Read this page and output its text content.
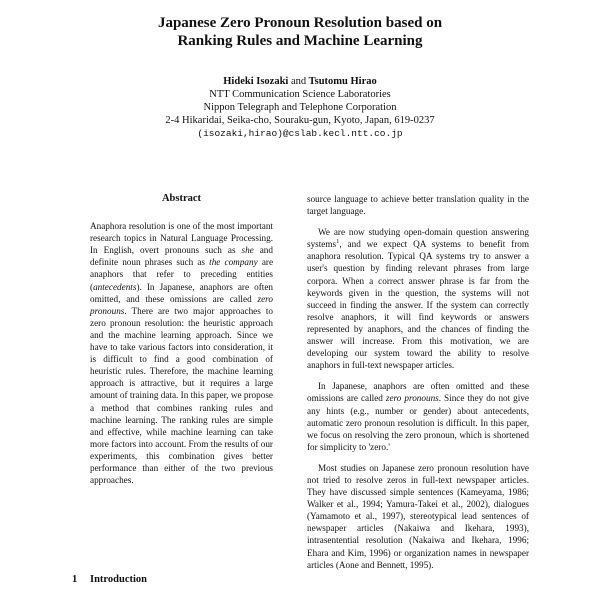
Japanese Zero Pronoun Resolution based on
Ranking Rules and Machine Learning
Hideki Isozaki and Tsutomu Hirao
NTT Communication Science Laboratories
Nippon Telegraph and Telephone Corporation
2-4 Hikaridai, Seika-cho, Souraku-gun, Kyoto, Japan, 619-0237
(isozaki,hirao)@cslab.kecl.ntt.co.jp
Abstract

Anaphora resolution is one of the most important research topics in Natural Language Processing. In English, overt pronouns such as she and definite noun phrases such as the company are anaphors that refer to preceding entities (antecedents). In Japanese, anaphors are often omitted, and these omissions are called zero pronouns. There are two major approaches to zero pronoun resolution: the heuristic approach and the machine learning approach. Since we have to take various factors into consideration, it is difficult to find a good combination of heuristic rules. Therefore, the machine learning approach is attractive, but it requires a large amount of training data. In this paper, we propose a method that combines ranking rules and machine learning. The ranking rules are simple and effective, while machine learning can take more factors into account. From the results of our experiments, this combination gives better performance than either of the two previous approaches.

1 Introduction

source language to achieve better translation quality in the target language.

We are now studying open-domain question answering systems$^1$, and we expect QA systems to benefit from anaphora resolution. Typical QA systems try to answer a user's question by finding relevant phrases from large corpora. When a correct answer phrase is far from the keywords given in the question, the systems will not succeed in finding the answer. If the system can correctly resolve anaphors, it will find keywords or answers represented by anaphors, and the chances of finding the answer will increase. From this motivation, we are developing our system toward the ability to resolve anaphors in full-text newspaper articles.

In Japanese, anaphors are often omitted and these omissions are called zero pronouns. Since they do not give any hints (e.g., number or gender) about antecedents, automatic zero pronoun resolution is difficult. In this paper, we focus on resolving the zero pronoun, which is shortened for simplicity to 'zero.'

Most studies on Japanese zero pronoun resolution have not tried to resolve zeros in full-text newspaper articles. They have discussed simple sentences (Kameyama, 1986; Walker et al., 1994; Yamura-Takei et al., 2002), dialogues (Yamamoto et al., 1997), stereotypical lead sentences of newspaper articles (Nakaiwa and Ikehara, 1993), intrasentential resolution (Nakaiwa and Ikehara, 1996; Ehara and Kim, 1996) or organization names in newspaper articles (Aone and Bennett, 1995).
